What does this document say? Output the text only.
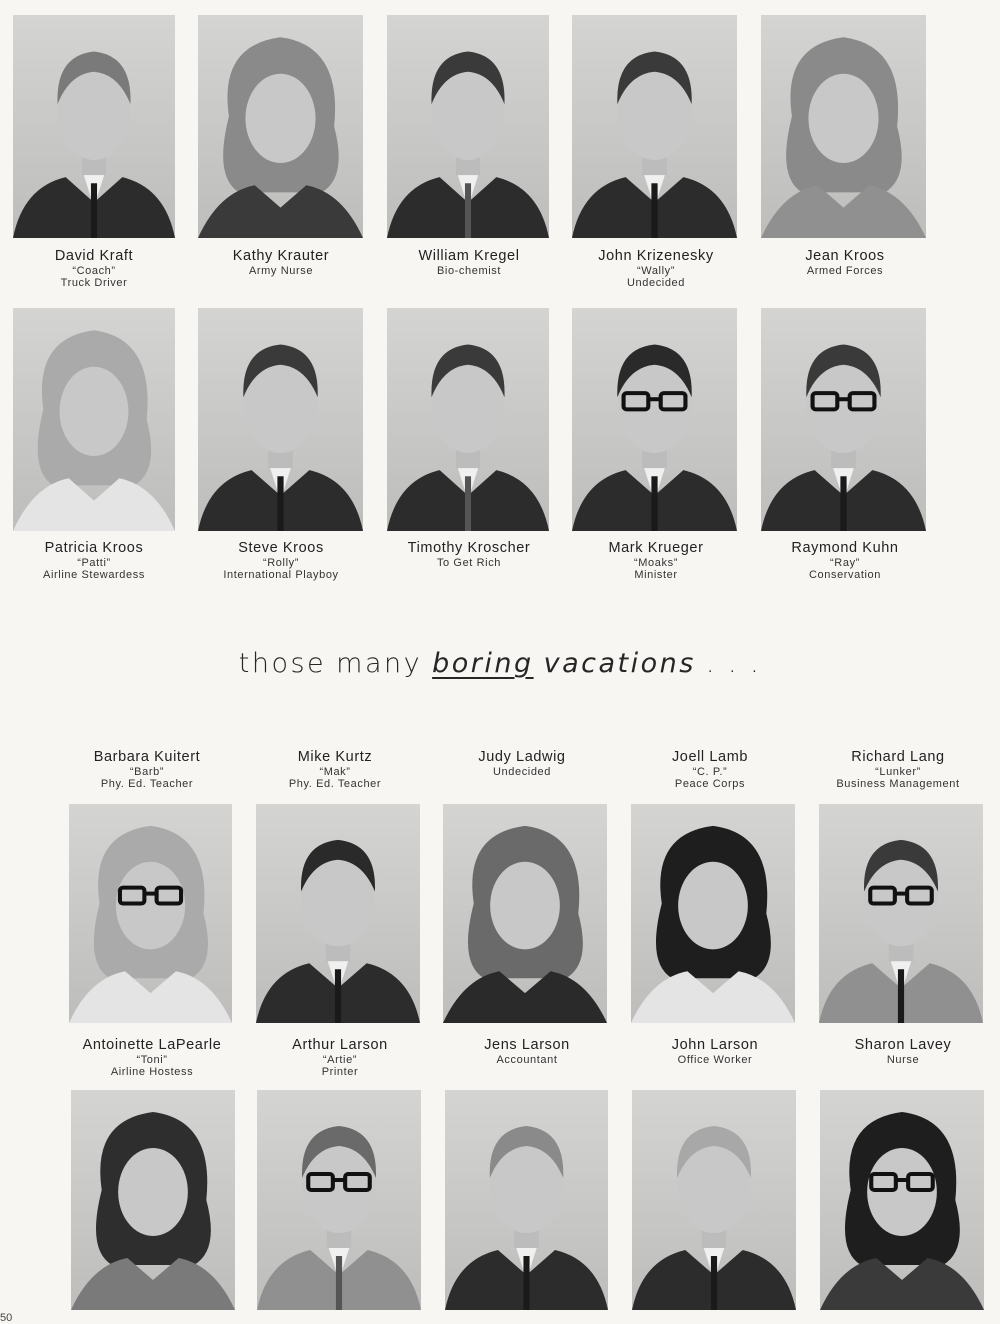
David Kraft
“Coach”
Truck Driver
Kathy Krauter
Army Nurse
William Kregel
Bio-chemist
John Krizenesky
“Wally”
Undecided
Jean Kroos
Armed Forces
Patricia Kroos
“Patti”
Airline Stewardess
Steve Kroos
“Rolly”
International Playboy
Timothy Kroscher
To Get Rich
Mark Krueger
“Moaks”
Minister
Raymond Kuhn
“Ray”
Conservation
those many boring vacations . . .
Barbara Kuitert
“Barb”
Phy. Ed. Teacher
Mike Kurtz
“Mak”
Phy. Ed. Teacher
Judy Ladwig
Undecided
Joell Lamb
“C. P.”
Peace Corps
Richard Lang
“Lunker”
Business Management
Antoinette LaPearle
“Toni”
Airline Hostess
Arthur Larson
“Artie”
Printer
Jens Larson
Accountant
John Larson
Office Worker
Sharon Lavey
Nurse
50
